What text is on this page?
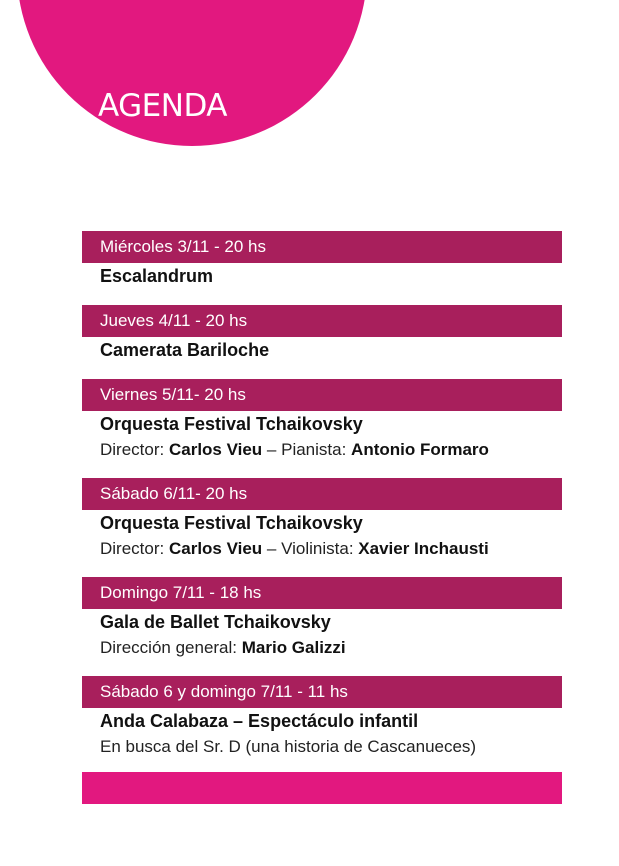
AGENDA
Miércoles 3/11 - 20 hs
Escalandrum
Jueves 4/11 - 20 hs
Camerata Bariloche
Viernes 5/11- 20 hs
Orquesta Festival Tchaikovsky
Director: Carlos Vieu – Pianista: Antonio Formaro
Sábado 6/11- 20 hs
Orquesta Festival Tchaikovsky
Director: Carlos Vieu – Violinista: Xavier Inchausti
Domingo 7/11 - 18 hs
Gala de Ballet Tchaikovsky
Dirección general: Mario Galizzi
Sábado 6 y domingo 7/11 - 11 hs
Anda Calabaza – Espectáculo infantil
En busca del Sr. D (una historia de Cascanueces)
